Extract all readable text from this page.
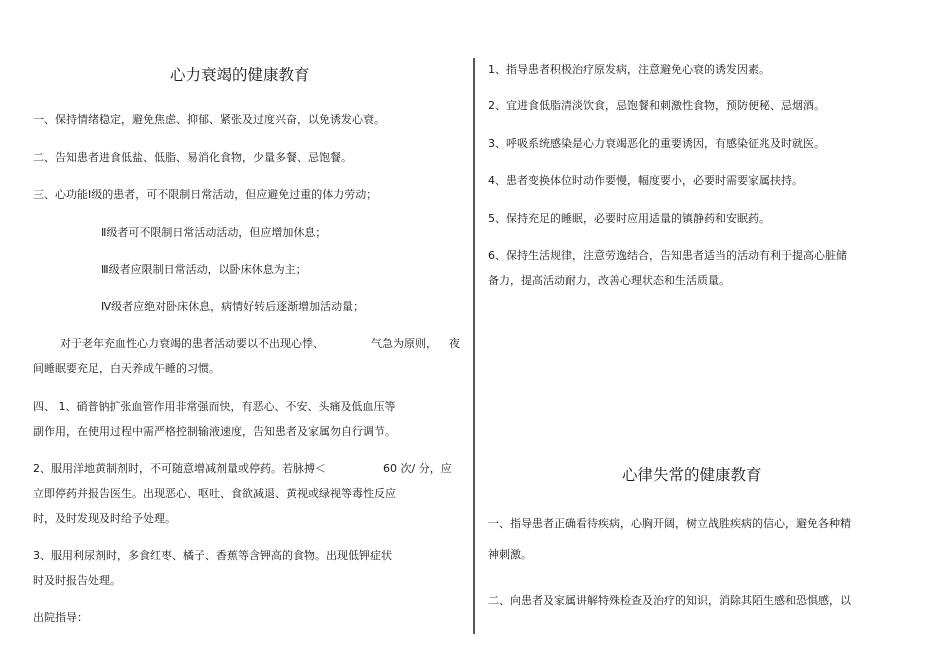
心力衰竭的健康教育
一、保持情绪稳定，避免焦虑、抑郁、紧张及过度兴奋，以免诱发心衰。
二、告知患者进食低盐、低脂、易消化食物，少量多餐、忌饱餐。
三、心功能Ⅰ级的患者，可不限制日常活动，但应避免过重的体力劳动；
Ⅱ级者可不限制日常活动活动，但应增加休息；
Ⅲ级者应限制日常活动，以卧床休息为主；
Ⅳ级者应绝对卧床休息，病情好转后逐渐增加活动量；
对于老年充血性心力衰竭的患者活动要以不出现心悸、	气急为原则， 夜
间睡眠要充足，白天养成午睡的习惯。
四、 1、硝普钠扩张血管作用非常强而快，有恶心、不安、头痛及低血压等
副作用，在使用过程中需严格控制输液速度，告知患者及家属勿自行调节。
2、服用洋地黄制剂时，不可随意增减剂量或停药。若脉搏＜	60 次/ 分，应
立即停药并报告医生。出现恶心、呕吐、食欲减退、黄视或绿视等毒性反应
时，及时发现及时给予处理。
3、服用利尿剂时，多食红枣、橘子、香蕉等含钾高的食物。出现低钾症状
时及时报告处理。
出院指导：
1、指导患者积极治疗原发病，注意避免心衰的诱发因素。
2、宜进食低脂清淡饮食，忌饱餐和刺激性食物，预防便秘、忌烟酒。
3、呼吸系统感染是心力衰竭恶化的重要诱因，有感染征兆及时就医。
4、患者变换体位时动作要慢，幅度要小，必要时需要家属扶持。
5、保持充足的睡眠，必要时应用适量的镇静药和安眠药。
6、保持生活规律，注意劳逸结合，告知患者适当的活动有利于提高心脏储
备力，提高活动耐力，改善心理状态和生活质量。
心律失常的健康教育
一、指导患者正确看待疾病，心胸开阔，树立战胜疾病的信心，避免各种精
神刺激。
二、向患者及家属讲解特殊检查及治疗的知识，消除其陌生感和恐惧感，以
